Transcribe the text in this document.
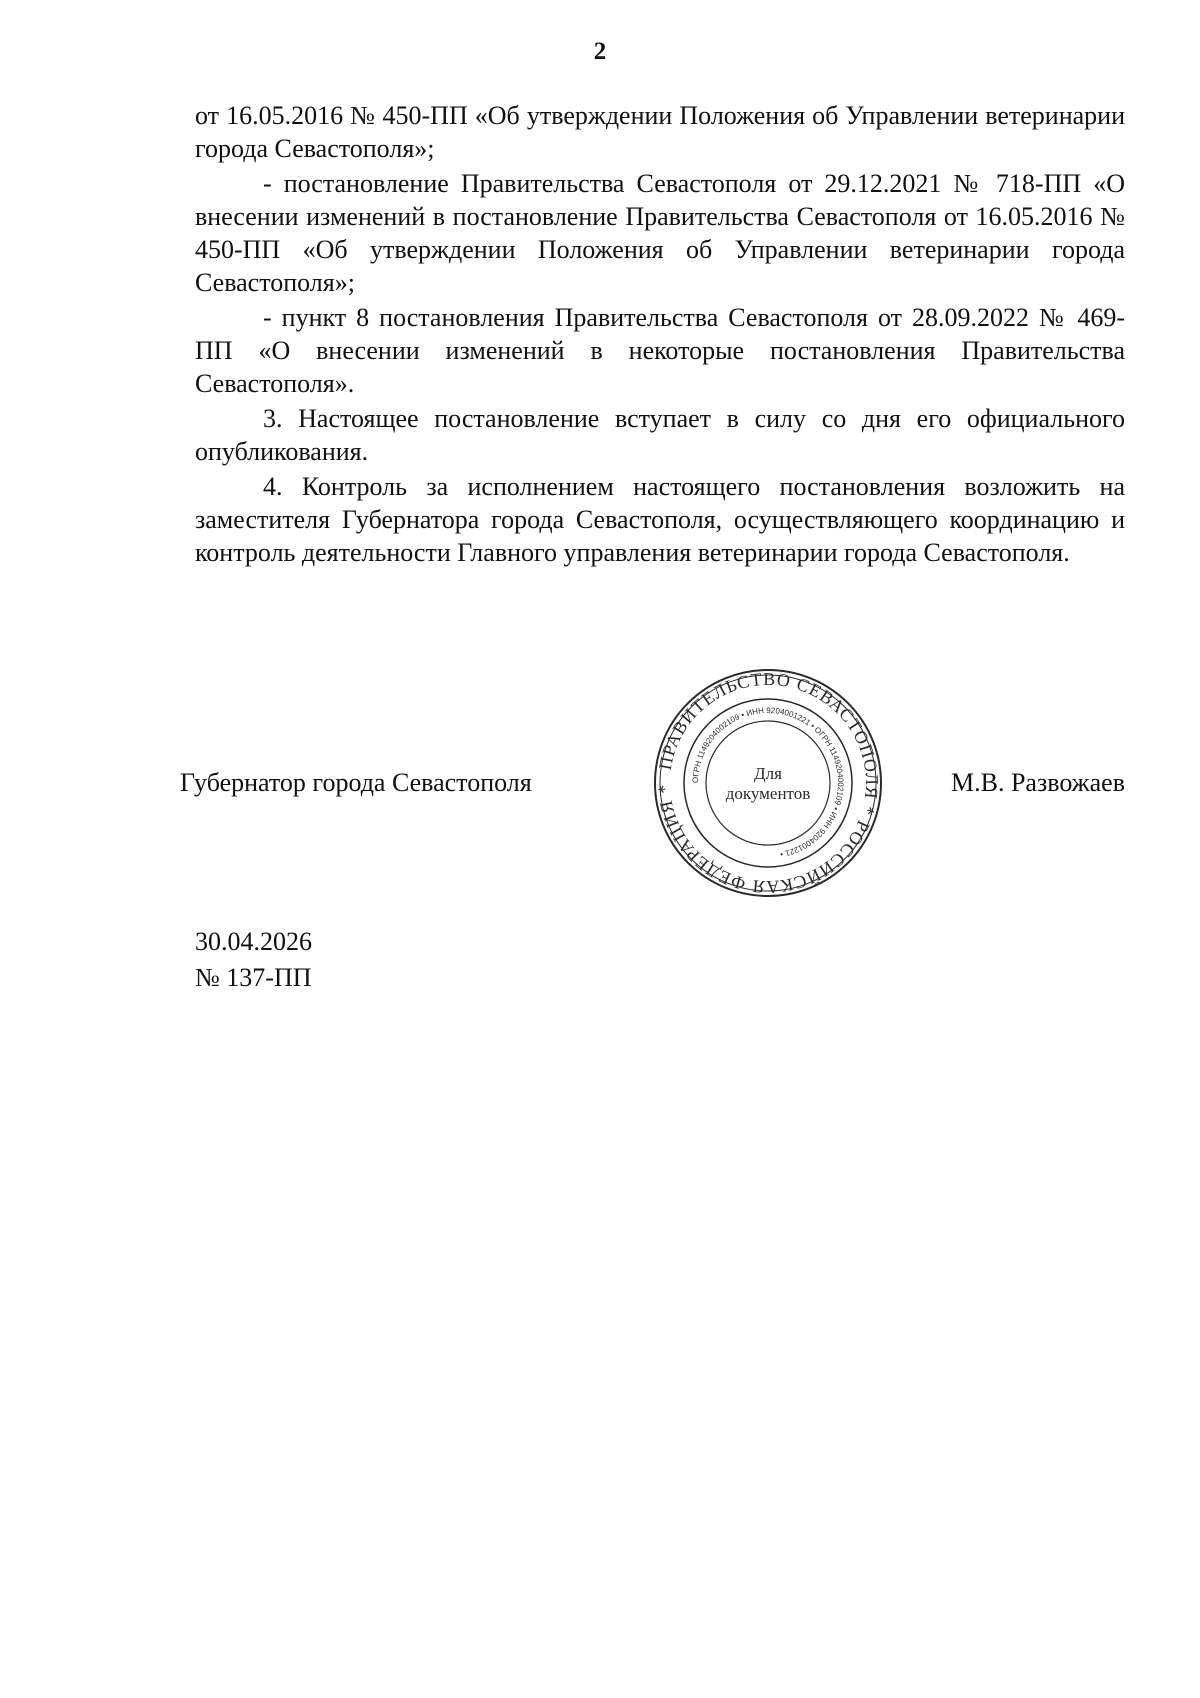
2

от 16.05.2016 № 450-ПП «Об утверждении Положения об Управлении ветеринарии города Севастополя»;

- постановление Правительства Севастополя от 29.12.2021 № 718-ПП «О внесении изменений в постановление Правительства Севастополя от 16.05.2016 № 450-ПП «Об утверждении Положения об Управлении ветеринарии города Севастополя»;

- пункт 8 постановления Правительства Севастополя от 28.09.2022 № 469-ПП «О внесении изменений в некоторые постановления Правительства Севастополя».

3. Настоящее постановление вступает в силу со дня его официального опубликования.

4. Контроль за исполнением настоящего постановления возложить на заместителя Губернатора города Севастополя, осуществляющего координацию и контроль деятельности Главного управления ветеринарии города Севастополя.

Губернатор города Севастополя
ПРАВИТЕЛЬСТВО СЕВАСТОПОЛЯ * РОССИЙСКАЯ ФЕДЕРАЦИЯ *
ОГРН 1149204002109 • ИНН 9204001221 • ОГРН 1149204002109 • ИНН 9204001221 •
Для
документов	М.В. Развожаев
30.04.2026
№ 137-ПП
